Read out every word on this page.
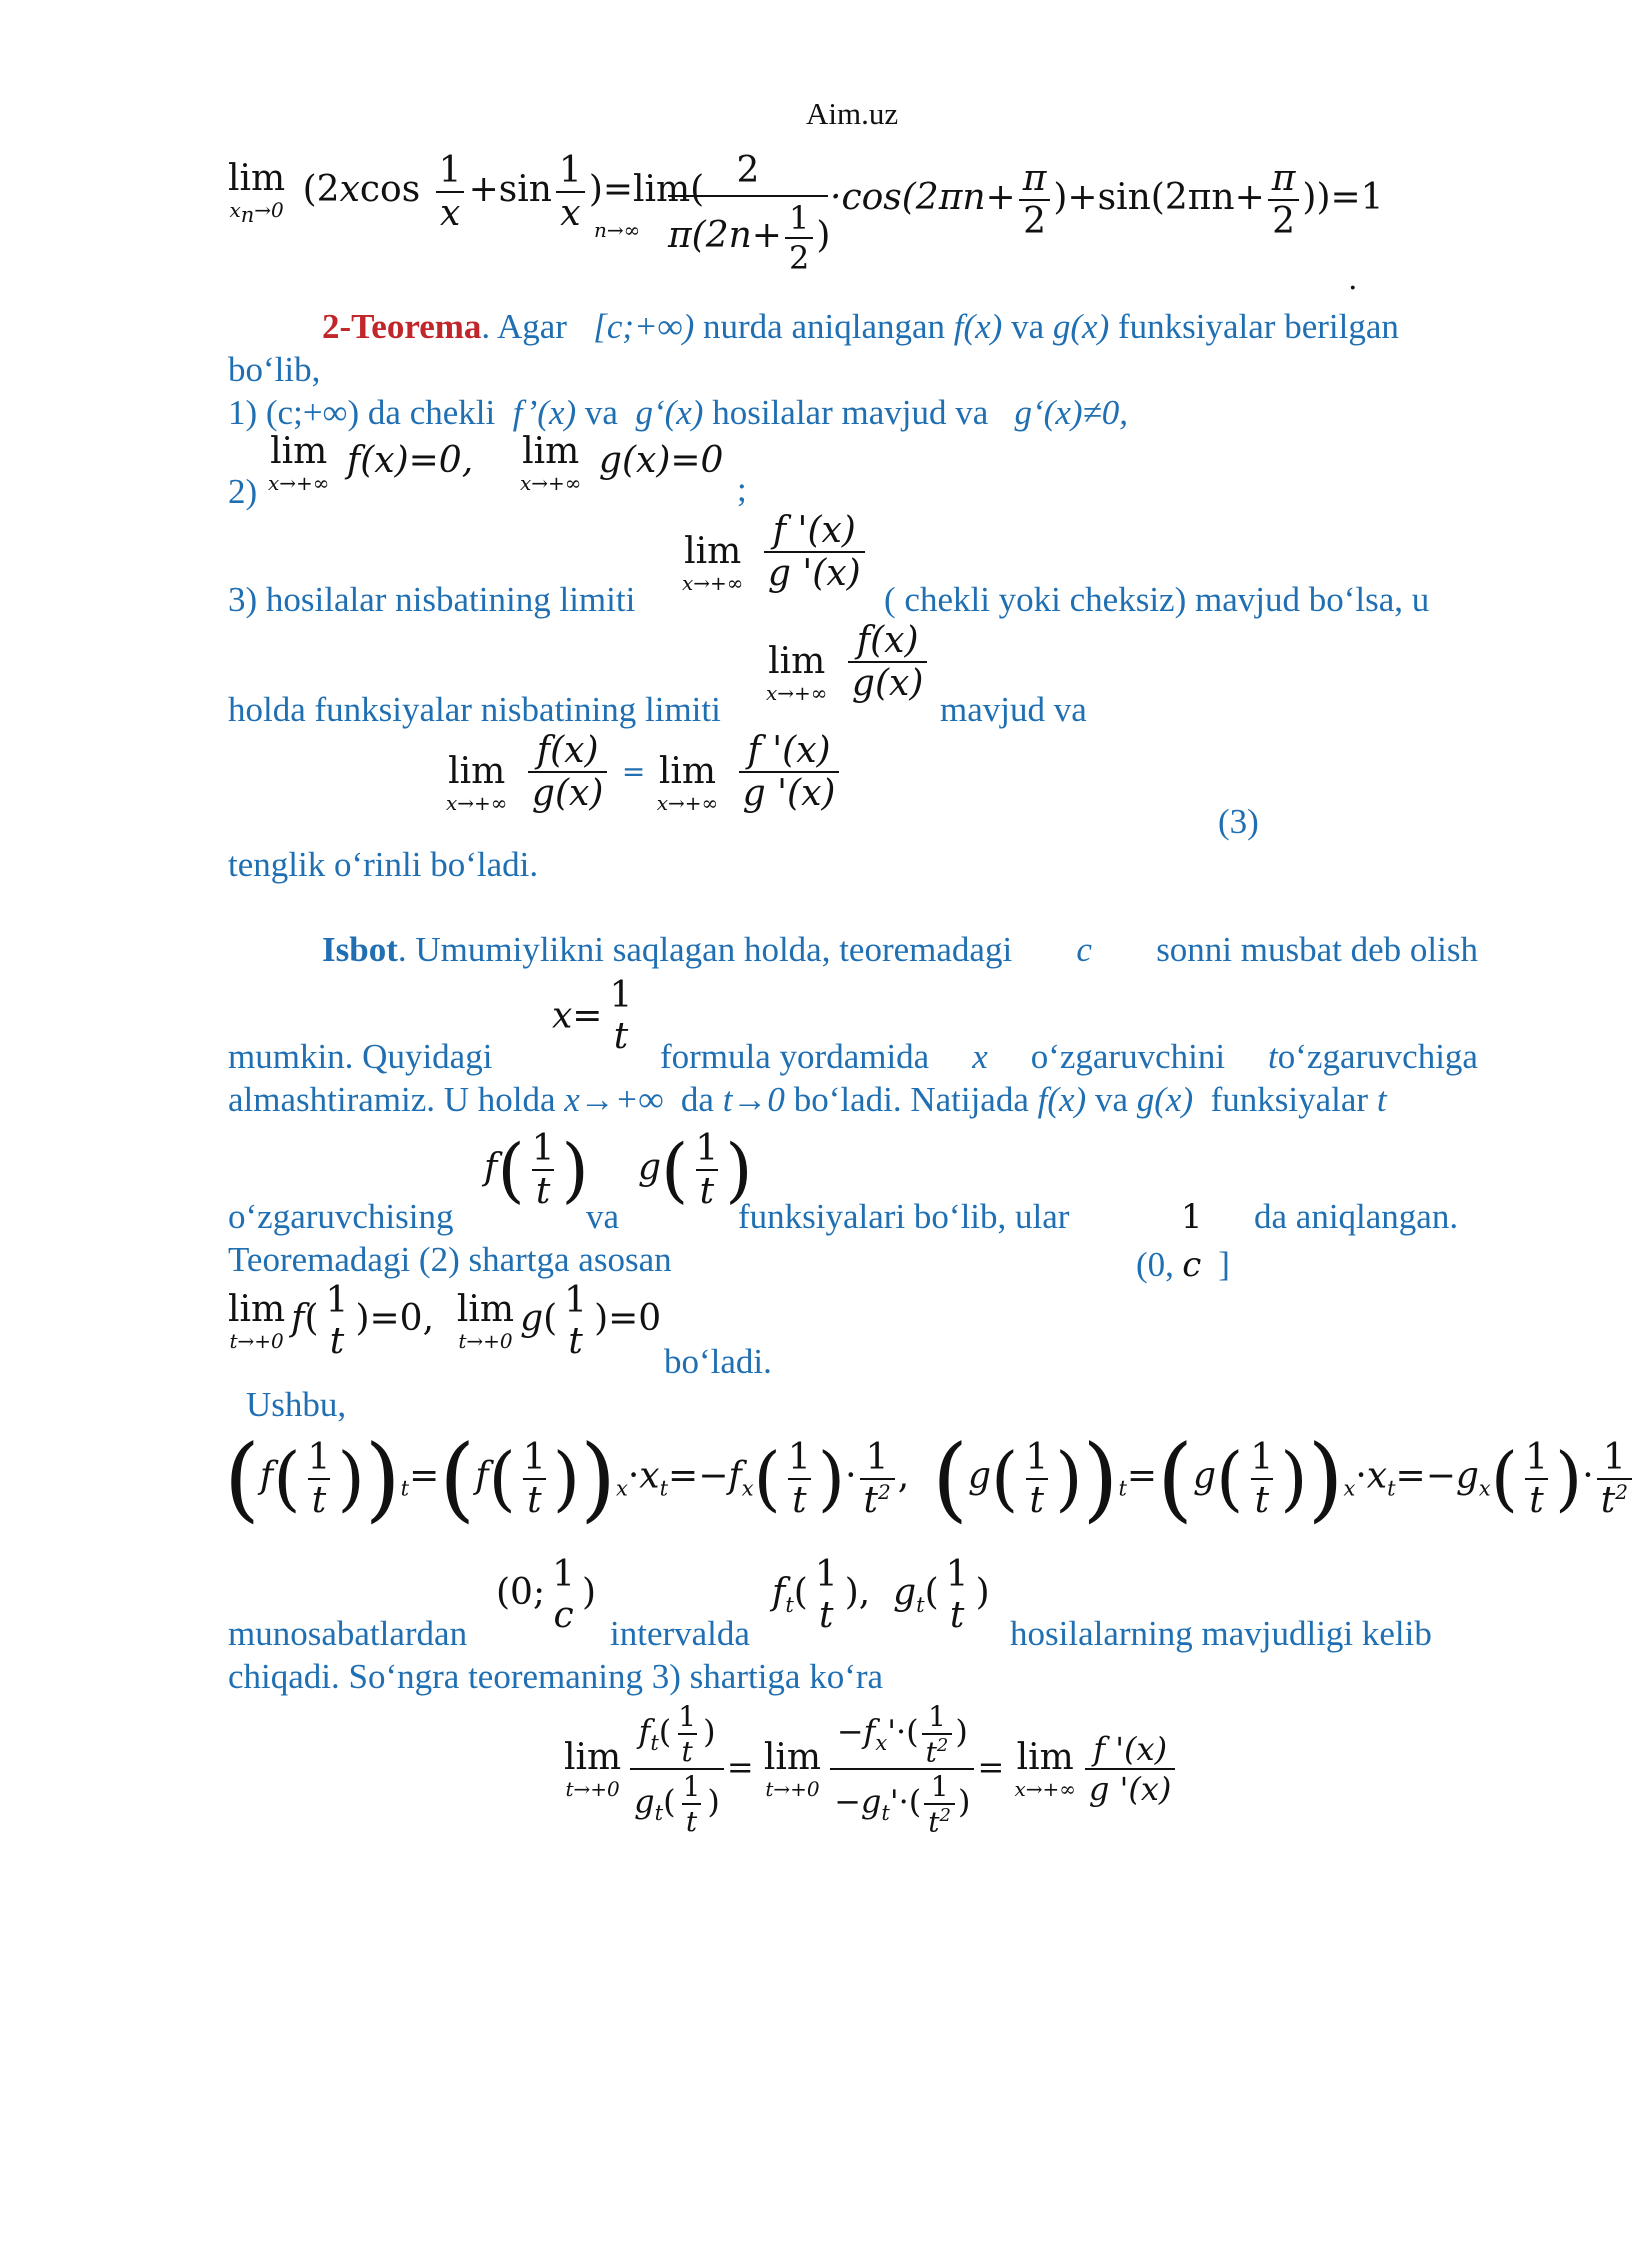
Aim.uz
lim
xn→0 $(2xcos \frac{1}{x} +\sin \frac{1}{x} )=\lim$(
n→∞
2
$\pi(2n+ \frac{1}{2}$ )
$\cdot\cos(2\pi n+ \frac{\pi}{2} )+\sin(2\pi n+ \frac{\pi}{2} ))=1$
.
2-Teorema. Agar [c;+∞) nurda aniqlangan f(x) va g(x) funksiyalar berilgan
bo‘lib,
1) (c;+∞) da chekli f’(x) va g‘(x) hosilalar mavjud va g‘(x)≠0,
2)
lim
x→+∞
f(x)=0, lim
x→+∞
g(x)=0
;
3) hosilalar nisbatining limiti
lim
x→+∞
$\frac{f '(x)}{g '(x)}$
( chekli yoki cheksiz) mavjud bo‘lsa, u
holda funksiyalar nisbatining limiti
lim
x→+∞
$\frac{f(x)}{g(x)}$
mavjud va
lim
x→+∞
$\frac{f(x)}{g(x)} = \lim$
x→+∞
$\frac{f '(x)}{g '(x)}$
(3)
tenglik o‘rinli bo‘ladi.
Isbot. Umumiylikni saqlagan holda, teoremadagi c sonni musbat deb olish
mumkin. Quyidagi
x= 1
t formula yordamida x o‘zgaruvchini to‘zgaruvchiga
almashtiramiz. U holda x→+∞ da t→0 bo‘ladi. Natijada f(x) va g(x) funksiyalar t
o‘zgaruvchising
$f( \frac{1}{t}$ )
va
$g( \frac{1}{t}$ )
funksiyalari bo‘lib, ular
(0,
1
c ]
da aniqlangan.
Teoremadagi (2) shartga asosan
lim
t→+0
f( 1
t
)=0, lim
t→+0
g( 1
t
)=0
bo‘ladi.
Ushbu,
$(f( \frac{1}{t} ))_t=(f( \frac{1}{t} ))_x\cdot x_t=-f_x( \frac{1}{t}$ )· $\frac{1}{t^2}$ ,  $(g( \frac{1}{t} ))_t=(g( \frac{1}{t} ))_x\cdot x_t=-g_x( \frac{1}{t}$ )· $\frac{1}{t^2}$
munosabatlardan
(0; 1
c
)
intervalda
$f_t$( 1
t
),  $g_t$( 1
t
)
hosilalarning mavjudligi kelib
chiqadi. So‘ngra teoremaning 3) shartiga ko‘ra
lim
$t\to+0 \frac{f_t( \frac{1}{t} )}{g_t( \frac{1}{t} )} = \lim$
$t\to+0 \frac{-f_x'\cdot( \frac{1}{t^2} )}{-g_t'\cdot( \frac{1}{t^2} )} = \lim$
$x\to+\infty \frac{f '(x)}{g '(x)}$
